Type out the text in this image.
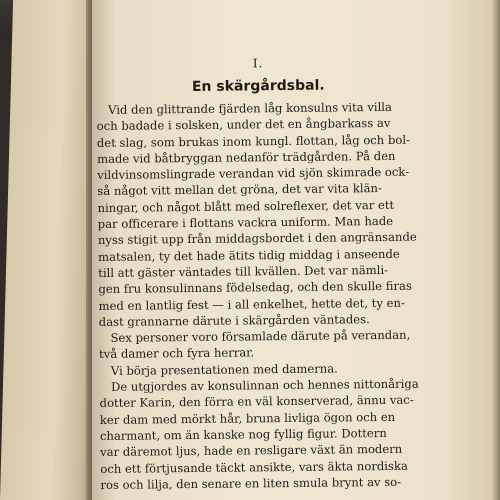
I.
En skärgårdsbal.

 Vid den glittrande fjärden låg konsulns vita villa
och badade i solsken, under det en ångbarkass av
det slag, som brukas inom kungl. flottan, låg och bol-
made vid båtbryggan nedanför trädgården. På den
vildvinsomslingrade verandan vid sjön skimrade ock-
så något vitt mellan det gröna, det var vita klän-
ningar, och något blått med solreflexer, det var ett
par officerare i flottans vackra uniform. Man hade
nyss stigit upp från middagsbordet i den angränsande
matsalen, ty det hade ätits tidig middag i anseende
till att gäster väntades till kvällen. Det var nämli-
gen fru konsulinnans födelsedag, och den skulle firas
med en lantlig fest — i all enkelhet, hette det, ty en-
dast grannarne därute i skärgården väntades.

 Sex personer voro församlade därute på verandan,
två damer och fyra herrar.

 Vi börja presentationen med damerna.

 De utgjordes av konsulinnan och hennes nittonåriga
dotter Karin, den förra en väl konserverad, ännu vac-
ker dam med mörkt hår, bruna livliga ögon och en
charmant, om än kanske nog fyllig figur. Dottern
var däremot ljus, hade en resligare växt än modern
och ett förtjusande täckt ansikte, vars äkta nordiska
ros och lilja, den senare en liten smula brynt av so-
